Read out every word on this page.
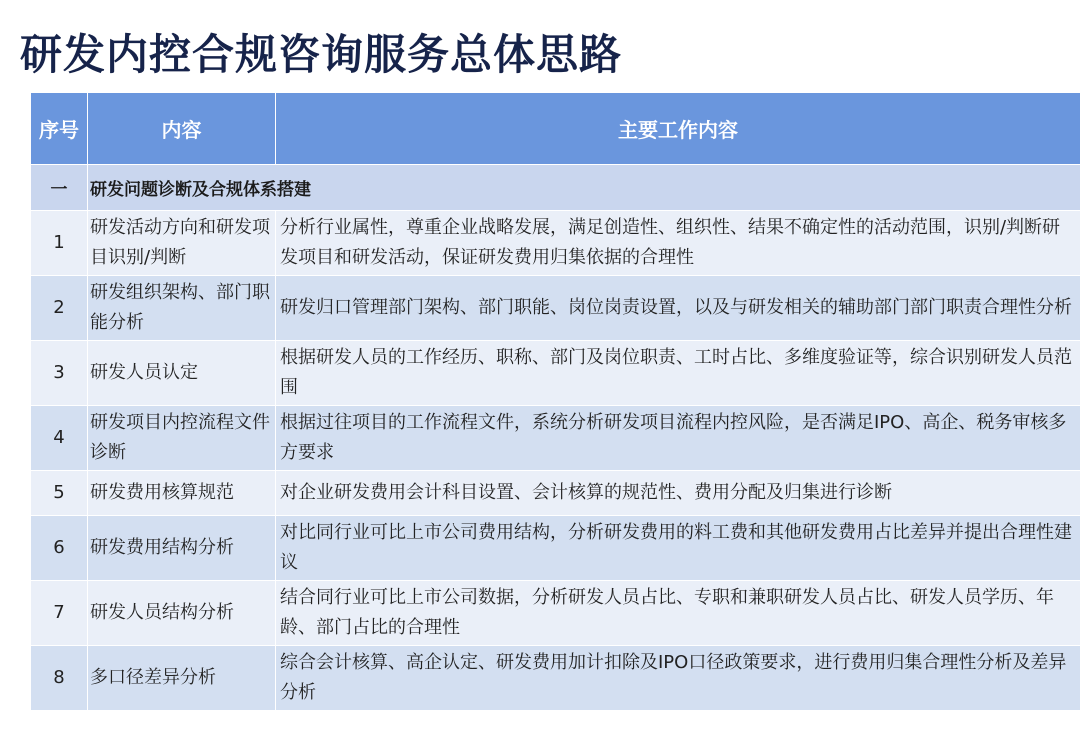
研发内控合规咨询服务总体思路
序号	内容	主要工作内容
一	研发问题诊断及合规体系搭建	
1	研发活动方向和研发项目识别/判断	分析行业属性，尊重企业战略发展，满足创造性、组织性、结果不确定性的活动范围，识别/判断研发项目和研发活动，保证研发费用归集依据的合理性
2	研发组织架构、部门职能分析	研发归口管理部门架构、部门职能、岗位岗责设置，以及与研发相关的辅助部门部门职责合理性分析
3	研发人员认定	根据研发人员的工作经历、职称、部门及岗位职责、工时占比、多维度验证等，综合识别研发人员范围
4	研发项目内控流程文件诊断	根据过往项目的工作流程文件，系统分析研发项目流程内控风险，是否满足IPO、高企、税务审核多方要求
5	研发费用核算规范	对企业研发费用会计科目设置、会计核算的规范性、费用分配及归集进行诊断
6	研发费用结构分析	对比同行业可比上市公司费用结构，分析研发费用的料工费和其他研发费用占比差异并提出合理性建议
7	研发人员结构分析	结合同行业可比上市公司数据，分析研发人员占比、专职和兼职研发人员占比、研发人员学历、年龄、部门占比的合理性
8	多口径差异分析	综合会计核算、高企认定、研发费用加计扣除及IPO口径政策要求，进行费用归集合理性分析及差异分析
